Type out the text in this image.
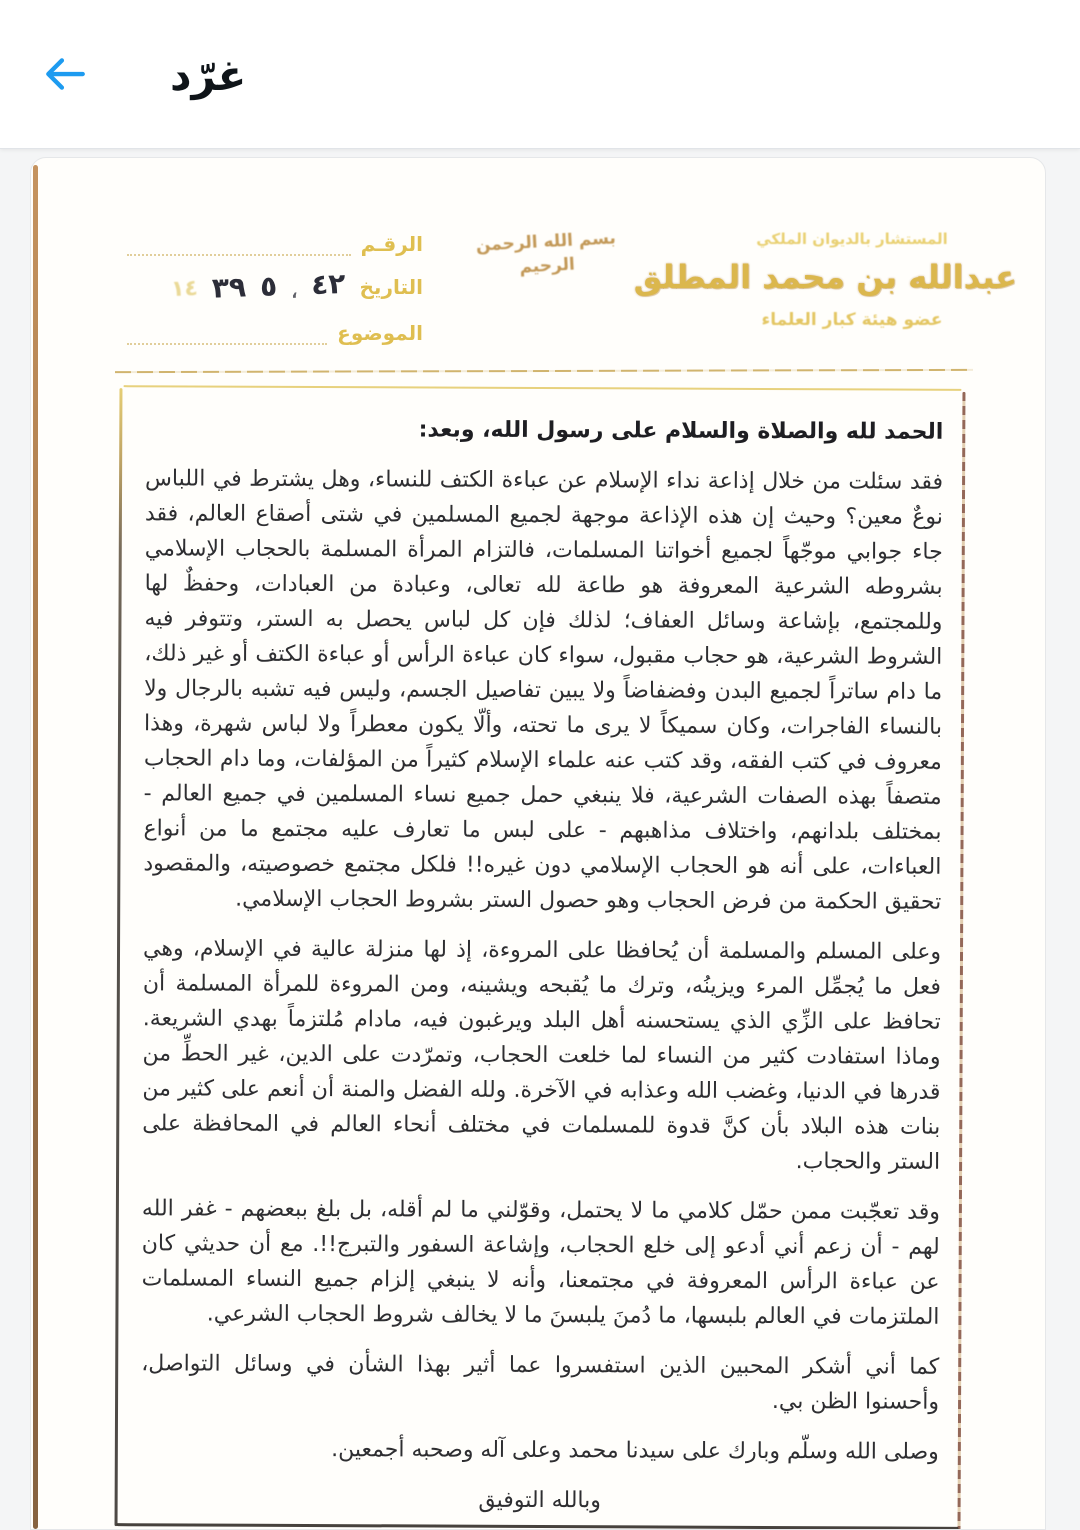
غرّد
المستشار بالديوان الملكي
عبدالله بن محمد المطلق
عضو هيئة كبار العلماء
بسم الله الرحمن الرحيم
الرقـم
التاريخ
٤٢
،
٥
٣٩
١٤
الموضوع

الحمد لله والصلاة والسلام على رسول الله، وبعد:

فقد سئلت من خلال إذاعة نداء الإسلام عن عباءة الكتف للنساء، وهل يشترط في اللباس نوعٌ معين؟ وحيث إن هذه الإذاعة موجهة لجميع المسلمين في شتى أصقاع العالم، فقد جاء جوابي موجّهاً لجميع أخواتنا المسلمات، فالتزام المرأة المسلمة بالحجاب الإسلامي بشروطه الشرعية المعروفة هو طاعة لله تعالى، وعبادة من العبادات، وحفظٌ لها وللمجتمع، بإشاعة وسائل العفاف؛ لذلك فإن كل لباس يحصل به الستر، وتتوفر فيه الشروط الشرعية، هو حجاب مقبول، سواء كان عباءة الرأس أو عباءة الكتف أو غير ذلك، ما دام ساتراً لجميع البدن وفضفاضاً ولا يبين تفاصيل الجسم، وليس فيه تشبه بالرجال ولا بالنساء الفاجرات، وكان سميكاً لا يرى ما تحته، وألّا يكون معطراً ولا لباس شهرة، وهذا معروف في كتب الفقه، وقد كتب عنه علماء الإسلام كثيراً من المؤلفات، وما دام الحجاب متصفاً بهذه الصفات الشرعية، فلا ينبغي حمل جميع نساء المسلمين في جميع العالم - بمختلف بلدانهم، واختلاف مذاهبهم - على لبس ما تعارف عليه مجتمع ما من أنواع العباءات، على أنه هو الحجاب الإسلامي دون غيره!! فلكل مجتمع خصوصيته، والمقصود تحقيق الحكمة من فرض الحجاب وهو حصول الستر بشروط الحجاب الإسلامي.

وعلى المسلم والمسلمة أن يُحافظا على المروءة، إذ لها منزلة عالية في الإسلام، وهي فعل ما يُجمِّل المرء ويزينُه، وترك ما يُقبحه ويشينه، ومن المروءة للمرأة المسلمة أن تحافظ على الزِّي الذي يستحسنه أهل البلد ويرغبون فيه، مادام مُلتزماً بهدي الشريعة. وماذا استفادت كثير من النساء لما خلعت الحجاب، وتمرّدت على الدين، غير الحطِّ من قدرها في الدنيا، وغضب الله وعذابه في الآخرة. ولله الفضل والمنة أن أنعم على كثير من بنات هذه البلاد بأن كنَّ قدوة للمسلمات في مختلف أنحاء العالم في المحافظة على الستر والحجاب.

وقد تعجّبت ممن حمّل كلامي ما لا يحتمل، وقوّلني ما لم أقله، بل بلغ ببعضهم - غفر الله لهم - أن زعم أني أدعو إلى خلع الحجاب، وإشاعة السفور والتبرج!!. مع أن حديثي كان عن عباءة الرأس المعروفة في مجتمعنا، وأنه لا ينبغي إلزام جميع النساء المسلمات الملتزمات في العالم بلبسها، ما دُمنَ يلبسنَ ما لا يخالف شروط الحجاب الشرعي.

كما أني أشكر المحبين الذين استفسروا عما أثير بهذا الشأن في وسائل التواصل، وأحسنوا الظن بي.

وصلى الله وسلّم وبارك على سيدنا محمد وعلى آله وصحبه أجمعين.

وبالله التوفيق
